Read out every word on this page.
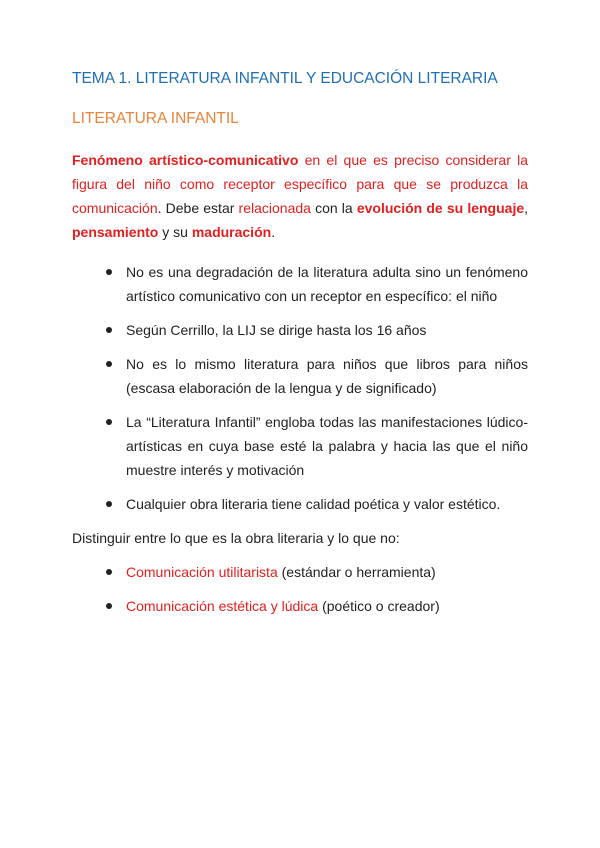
TEMA 1. LITERATURA INFANTIL Y EDUCACIÓN LITERARIA
LITERATURA INFANTIL

Fenómeno artístico-comunicativo en el que es preciso considerar la figura del niño como receptor específico para que se produzca la comunicación. Debe estar relacionada con la evolución de su lenguaje, pensamiento y su maduración.

No es una degradación de la literatura adulta sino un fenómeno artístico comunicativo con un receptor en específico: el niño
Según Cerrillo, la LIJ se dirige hasta los 16 años
No es lo mismo literatura para niños que libros para niños (escasa elaboración de la lengua y de significado)
La “Literatura Infantil” engloba todas las manifestaciones lúdico-artísticas en cuya base esté la palabra y hacia las que el niño muestre interés y motivación
Cualquier obra literaria tiene calidad poética y valor estético.

Distinguir entre lo que es la obra literaria y lo que no:

Comunicación utilitarista (estándar o herramienta)
Comunicación estética y lúdica (poético o creador)
